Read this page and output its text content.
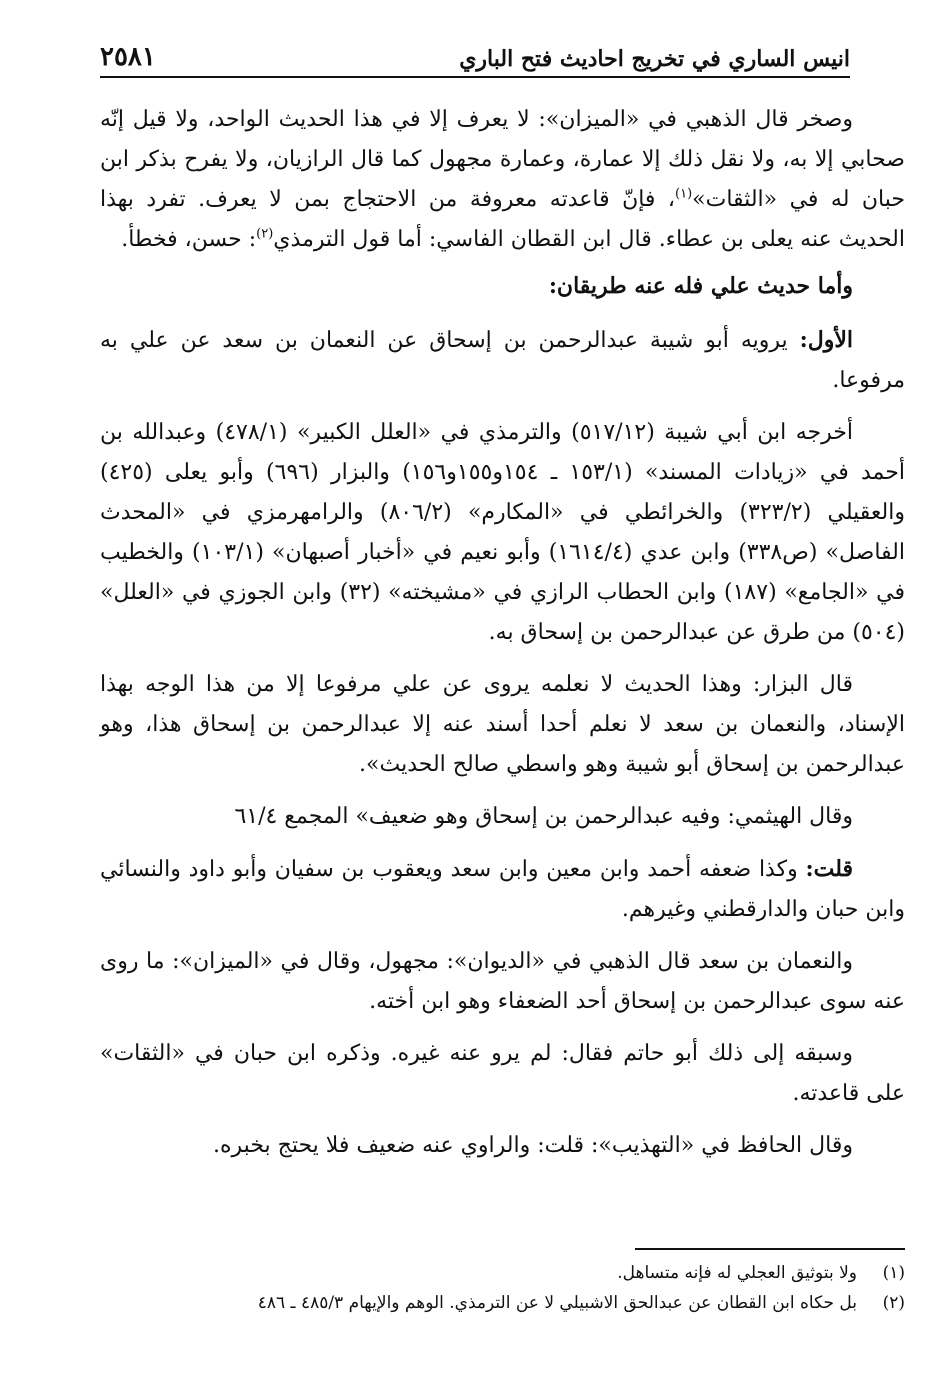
انيس الساري في تخريج احاديث فتح الباري
٢٥٨١

وصخر قال الذهبي في «الميزان»: لا يعرف إلا في هذا الحديث الواحد، ولا قيل إنّه صحابي إلا به، ولا نقل ذلك إلا عمارة، وعمارة مجهول كما قال الرازيان، ولا يفرح بذكر ابن حبان له في «الثقات»$^{(١)}$، فإنّ قاعدته معروفة من الاحتجاج بمن لا يعرف. تفرد بهذا الحديث عنه يعلى بن عطاء. قال ابن القطان الفاسي: أما قول الترمذي$^{(٢)}$: حسن، فخطأ.

وأما حديث علي فله عنه طريقان:

الأول: يرويه أبو شيبة عبدالرحمن بن إسحاق عن النعمان بن سعد عن علي به مرفوعا.

أخرجه ابن أبي شيبة (٥١٧/١٢) والترمذي في «العلل الكبير» (٤٧٨/١) وعبدالله بن أحمد في «زيادات المسند» (١٥٣/١ ـ ١٥٤و١٥٥و١٥٦) والبزار (٦٩٦) وأبو يعلى (٤٢٥) والعقيلي (٣٢٣/٢) والخرائطي في «المكارم» (٨٠٦/٢) والرامهرمزي في «المحدث الفاصل» (ص٣٣٨) وابن عدي (١٦١٤/٤) وأبو نعيم في «أخبار أصبهان» (١٠٣/١) والخطيب في «الجامع» (١٨٧) وابن الحطاب الرازي في «مشيخته» (٣٢) وابن الجوزي في «العلل» (٥٠٤) من طرق عن عبدالرحمن بن إسحاق به.

قال البزار: وهذا الحديث لا نعلمه يروى عن علي مرفوعا إلا من هذا الوجه بهذا الإسناد، والنعمان بن سعد لا نعلم أحدا أسند عنه إلا عبدالرحمن بن إسحاق هذا، وهو عبدالرحمن بن إسحاق أبو شيبة وهو واسطي صالح الحديث».

وقال الهيثمي: وفيه عبدالرحمن بن إسحاق وهو ضعيف» المجمع ٦١/٤

قلت: وكذا ضعفه أحمد وابن معين وابن سعد ويعقوب بن سفيان وأبو داود والنسائي وابن حبان والدارقطني وغيرهم.

والنعمان بن سعد قال الذهبي في «الديوان»: مجهول، وقال في «الميزان»: ما روى عنه سوى عبدالرحمن بن إسحاق أحد الضعفاء وهو ابن أخته.

وسبقه إلى ذلك أبو حاتم فقال: لم يرو عنه غيره. وذكره ابن حبان في «الثقات» على قاعدته.

وقال الحافظ في «التهذيب»: قلت: والراوي عنه ضعيف فلا يحتج بخبره.

(١)ولا بتوثيق العجلي له فإنه متساهل.

(٢)بل حكاه ابن القطان عن عبدالحق الاشبيلي لا عن الترمذي. الوهم والإيهام ٤٨٥/٣ ـ ٤٨٦
